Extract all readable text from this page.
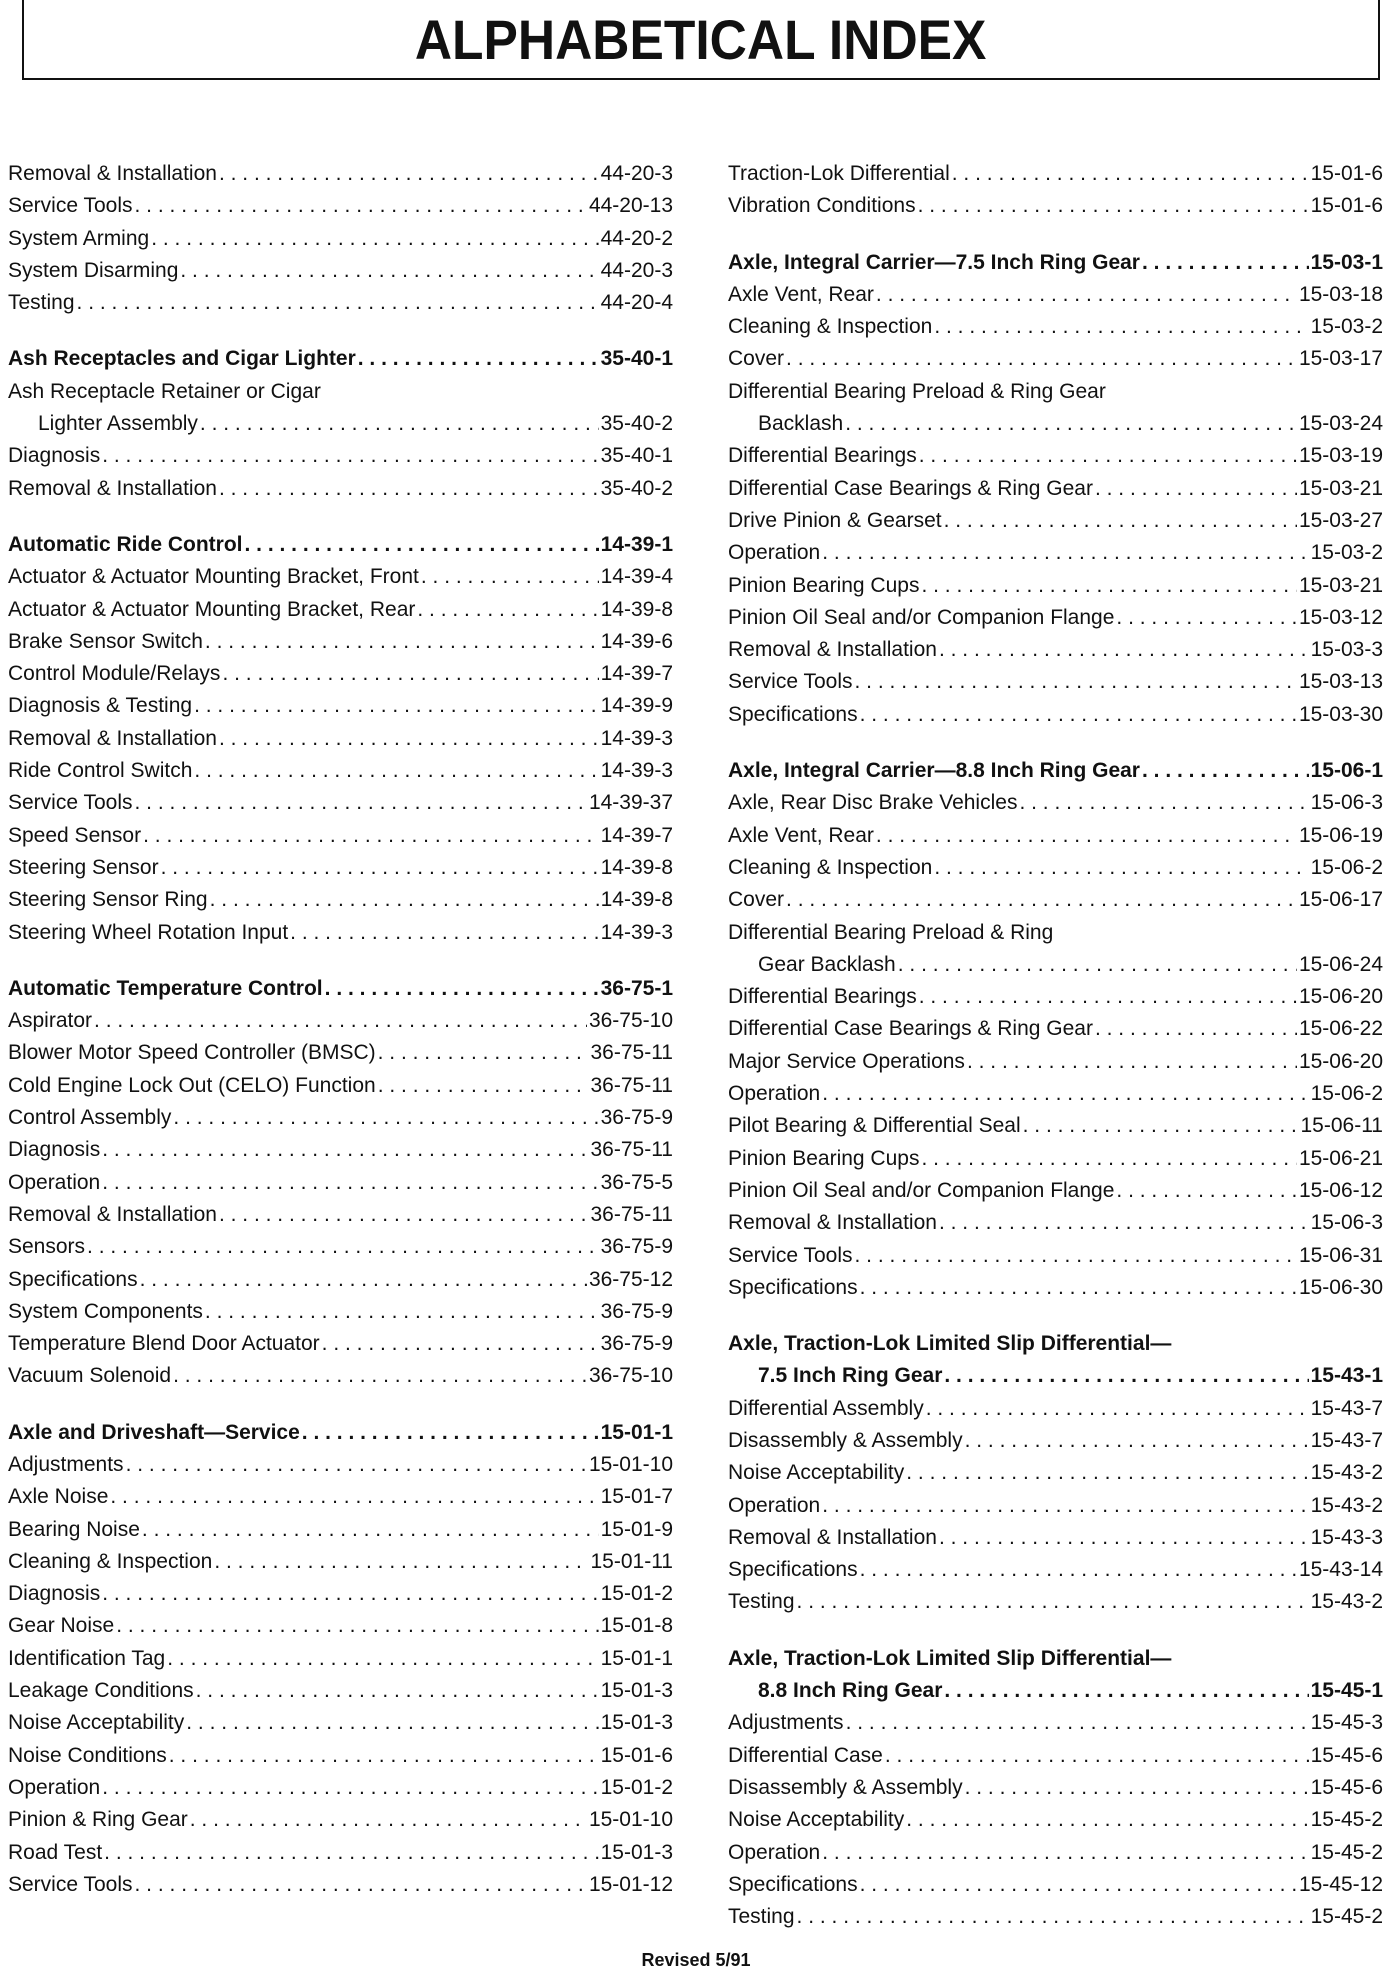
ALPHABETICAL INDEX
Removal & Installation . . .	44-20-3
Service Tools . . .	44-20-13
System Arming . . .	44-20-2
System Disarming . . .	44-20-3
Testing . . .	44-20-4
Ash Receptacles and Cigar Lighter . . .	35-40-1
Ash Receptacle Retainer or Cigar
Lighter Assembly . . .	35-40-2
Diagnosis . . .	35-40-1
Removal & Installation . . .	35-40-2
Automatic Ride Control . . .	14-39-1
Actuator & Actuator Mounting Bracket, Front . . .	14-39-4
Actuator & Actuator Mounting Bracket, Rear . . .	14-39-8
Brake Sensor Switch . . .	14-39-6
Control Module/Relays . . .	14-39-7
Diagnosis & Testing . . .	14-39-9
Removal & Installation . . .	14-39-3
Ride Control Switch . . .	14-39-3
Service Tools . . .	14-39-37
Speed Sensor . . .	14-39-7
Steering Sensor . . .	14-39-8
Steering Sensor Ring . . .	14-39-8
Steering Wheel Rotation Input . . .	14-39-3
Automatic Temperature Control . . .	36-75-1
Aspirator . . .	36-75-10
Blower Motor Speed Controller (BMSC) . . .	36-75-11
Cold Engine Lock Out (CELO) Function . . .	36-75-11
Control Assembly . . .	36-75-9
Diagnosis . . .	36-75-11
Operation . . .	36-75-5
Removal & Installation . . .	36-75-11
Sensors . . .	36-75-9
Specifications . . .	36-75-12
System Components . . .	36-75-9
Temperature Blend Door Actuator . . .	36-75-9
Vacuum Solenoid . . .	36-75-10
Axle and Driveshaft—Service . . .	15-01-1
Adjustments . . .	15-01-10
Axle Noise . . .	15-01-7
Bearing Noise . . .	15-01-9
Cleaning & Inspection . . .	15-01-11
Diagnosis . . .	15-01-2
Gear Noise . . .	15-01-8
Identification Tag . . .	15-01-1
Leakage Conditions . . .	15-01-3
Noise Acceptability . . .	15-01-3
Noise Conditions . . .	15-01-6
Operation . . .	15-01-2
Pinion & Ring Gear . . .	15-01-10
Road Test . . .	15-01-3
Service Tools . . .	15-01-12
Traction-Lok Differential . . .	15-01-6
Vibration Conditions . . .	15-01-6
Axle, Integral Carrier—7.5 Inch Ring Gear . . .	15-03-1
Axle Vent, Rear . . .	15-03-18
Cleaning & Inspection . . .	15-03-2
Cover . . .	15-03-17
Differential Bearing Preload & Ring Gear
Backlash . . .	15-03-24
Differential Bearings . . .	15-03-19
Differential Case Bearings & Ring Gear . . .	15-03-21
Drive Pinion & Gearset . . .	15-03-27
Operation . . .	15-03-2
Pinion Bearing Cups . . .	15-03-21
Pinion Oil Seal and/or Companion Flange . . .	15-03-12
Removal & Installation . . .	15-03-3
Service Tools . . .	15-03-13
Specifications . . .	15-03-30
Axle, Integral Carrier—8.8 Inch Ring Gear . . .	15-06-1
Axle, Rear Disc Brake Vehicles . . .	15-06-3
Axle Vent, Rear . . .	15-06-19
Cleaning & Inspection . . .	15-06-2
Cover . . .	15-06-17
Differential Bearing Preload & Ring
Gear Backlash . . .	15-06-24
Differential Bearings . . .	15-06-20
Differential Case Bearings & Ring Gear . . .	15-06-22
Major Service Operations . . .	15-06-20
Operation . . .	15-06-2
Pilot Bearing & Differential Seal . . .	15-06-11
Pinion Bearing Cups . . .	15-06-21
Pinion Oil Seal and/or Companion Flange . . .	15-06-12
Removal & Installation . . .	15-06-3
Service Tools . . .	15-06-31
Specifications . . .	15-06-30
Axle, Traction-Lok Limited Slip Differential—
7.5 Inch Ring Gear . . .	15-43-1
Differential Assembly . . .	15-43-7
Disassembly & Assembly . . .	15-43-7
Noise Acceptability . . .	15-43-2
Operation . . .	15-43-2
Removal & Installation . . .	15-43-3
Specifications . . .	15-43-14
Testing . . .	15-43-2
Axle, Traction-Lok Limited Slip Differential—
8.8 Inch Ring Gear . . .	15-45-1
Adjustments . . .	15-45-3
Differential Case . . .	15-45-6
Disassembly & Assembly . . .	15-45-6
Noise Acceptability . . .	15-45-2
Operation . . .	15-45-2
Specifications . . .	15-45-12
Testing . . .	15-45-2
Revised 5/91
